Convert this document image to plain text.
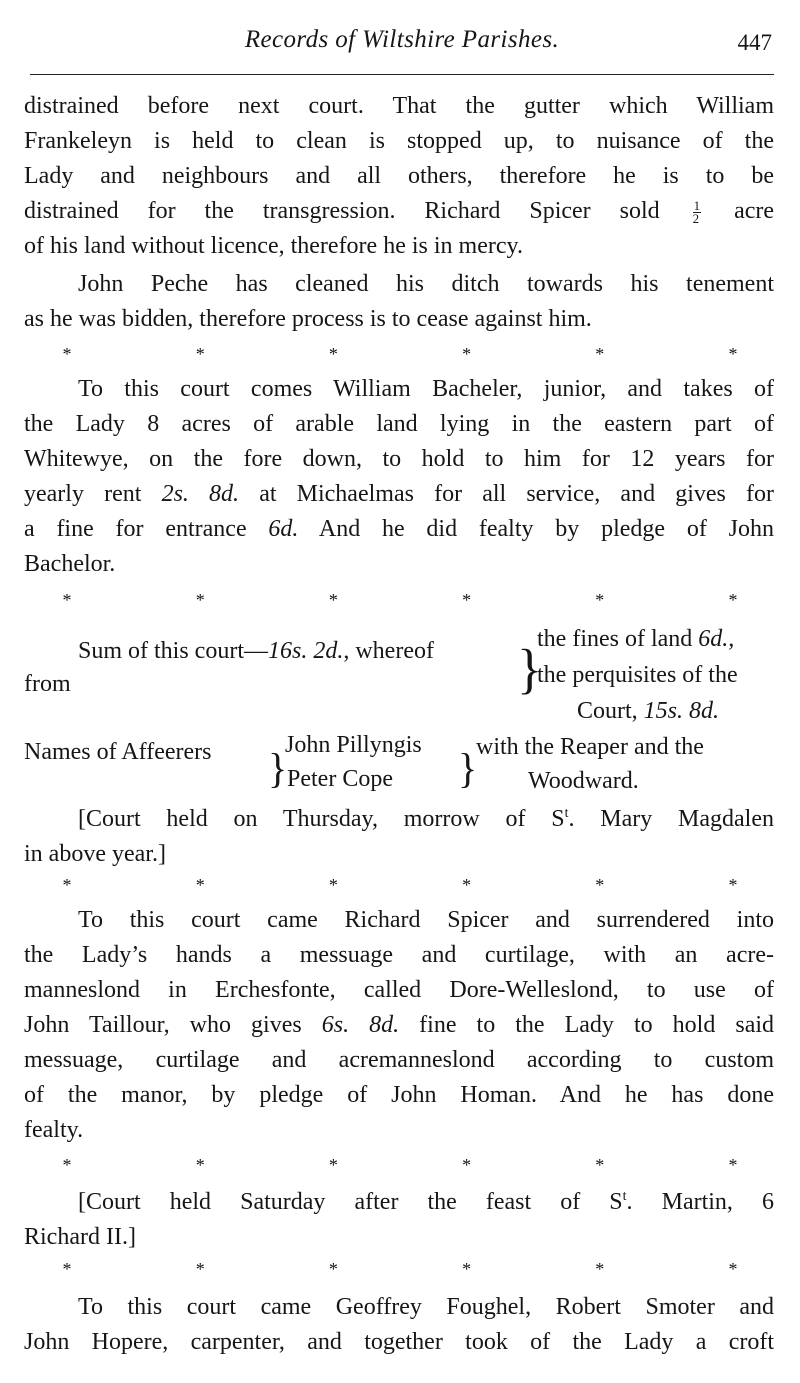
Records of Wiltshire Parishes.	447
distrained before next court. That the gutter which William
Frankeleyn is held to clean is stopped up, to nuisance of the
Lady and neighbours and all others, therefore he is to be
distrained for the transgression. Richard Spicer sold	$\frac{1}{2}$ acre
of his land without licence, therefore he is in mercy.
John Peche has cleaned his ditch towards his tenement
as he was bidden, therefore process is to cease against him.
*	*	*	*	*	*
To this court comes William Bacheler, junior, and takes of
the Lady 8 acres of arable land lying in the eastern part of
Whitewye, on the fore down, to hold to him for 12 years for
yearly rent 2s. 8d. at Michaelmas for all service, and gives for
a fine for entrance 6d. And he did fealty by pledge of John
Bachelor.
*	*	*	*	*	*
Sum of this court—16s. 2d., whereof
from	}
the fines of land 6d.,
the perquisites of the
Court, 15s. 8d.
Names of Affeerers	}
John Pillyngis
Peter Cope	}
with the Reaper and the
Woodward.
[Court held on Thursday, morrow of $S^t$. Mary Magdalen
in above year.]
*	*	*	*	*	*
To this court came Richard Spicer and surrendered into
the Lady’s hands a messuage and curtilage, with an acre-
manneslond in Erchesfonte, called Dore-Welleslond, to use of
John Taillour, who gives 6s. 8d. fine to the Lady to hold said
messuage, curtilage and acremanneslond according to custom
of the manor, by pledge of John Homan. And he has done
fealty.
*	*	*	*	*	*
[Court held Saturday after the feast of $S^t$. Martin, 6
Richard II.]
*	*	*	*	*	*
To this court came Geoffrey Foughel, Robert Smoter and
John Hopere, carpenter, and together took of the Lady a croft
